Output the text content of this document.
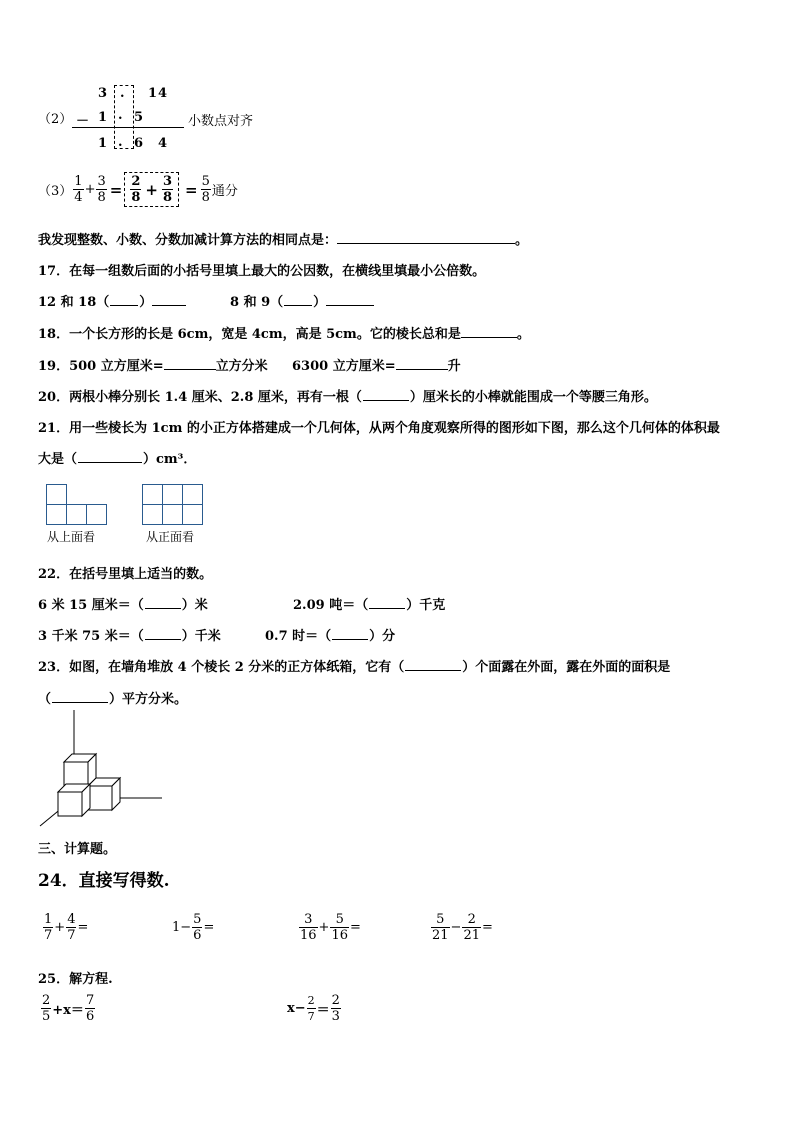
（2）
3	1 4
－ 1 . 5
1 . 6 4
.
小数点对齐
$(3) \frac{1}{4} + \frac{3}{8} = \frac{2}{8} + \frac{3}{8} = \frac{5}{8}$ 通分
我发现整数、小数、分数加减计算方法的相同点是：	。
17．在每一组数后面的小括号里填上最大的公因数，在横线里填最小公倍数。
12 和 18（ ）	8 和 9（ ）
18．一个长方形的长是 6cm，宽是 4cm，高是 5cm。它的棱长总和是	。
19．500 立方厘米=	立方分米 6300 立方厘米=	升
20．两根小棒分别长 1.4 厘米、2.8 厘米，再有一根（	）厘米长的小棒就能围成一个等腰三角形。
21．用一些棱长为 1cm 的小正方体搭建成一个几何体，从两个角度观察所得的图形如下图，那么这个几何体的体积最
大是（	）cm³．
从上面看	从正面看
22．在括号里填上适当的数。
6 米 15 厘米＝（	）米	2.09 吨＝（	）千克
3 千米 75 米＝（	）千米	0.7 时＝（	）分
23．如图，在墙角堆放 4 个棱长 2 分米的正方体纸箱，它有（	）个面露在外面，露在外面的面积是
（	）平方分米。
三、计算题。
24．直接写得数.
$\frac{1}{7} + \frac{4}{7}$ =	$1- \frac{5}{6}$ =	$\frac{3}{16} + \frac{5}{16}$ =	$\frac{5}{21} - \frac{2}{21}$ =
25．解方程.
$\frac{2}{5} +x= \frac{7}{6}$	$x- \frac{2}{7} = \frac{2}{3}$
